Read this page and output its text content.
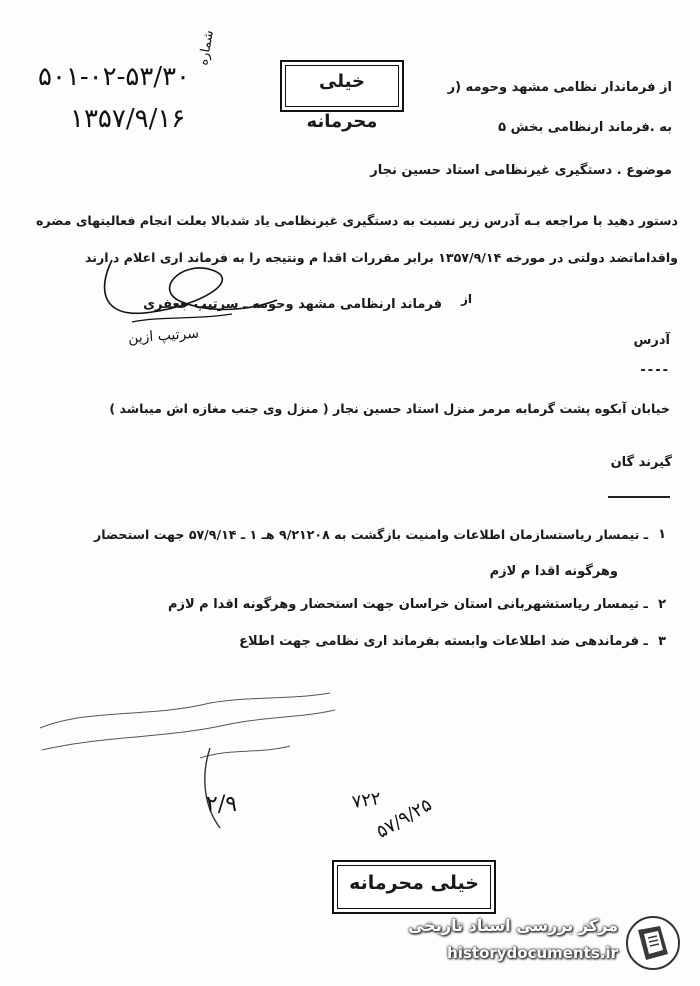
۵۰۱-۰۲-۵۳/۳۰
شماره
۱۳۵۷/۹/۱۶
خیلی محرمانه
از فرماندار نظامی مشهد وحومه (ر
به .فرماند ارنظامی بخش ۵
موضوع . دستگیری غیرنظامی استاد حسین نجار
دستور دهید با مراجعه بـه آدرس زیر نسبت به دستگیری غیرنظامی یاد شدبالا بعلت انجام فعالیتهای مضره
واقداماتضد دولتی در مورخه ۱۳۵۷/۹/۱۴ برابر مقررات اقدا م ونتیجه را به فرماند اری اعلام د ارند
از
فرماند ارنظامی مشهد وحومه ـ سرتیپ جعفری
سرتیپ ازین	آدرس
----
خیابان آبکوه پشت گرمابه مرمر منزل استاد حسین نجار ( منزل وی جنب مغازه اش میباشد )
گیرند گان
۱
ـ تیمسار ریاستسازمان اطلاعات وامنیت بازگشت به ۹/۲۱۲۰۸ هـ ۱ ـ ۵۷/۹/۱۴ جهت استحضار
وهرگونه اقدا م لازم
۲
ـ تیمسار ریاستشهربانی استان خراسان جهت استحضار وهرگونه اقدا م لازم
۳
ـ فرماندهی ضد اطلاعات وابسته بفرماند اری نظامی جهت اطلاع
۲/۹	۷۲۲
۵۷/۹/۲۵
خیلی محرمانه
مرکز بررسی اسناد تاریخی
historydocuments.ir
